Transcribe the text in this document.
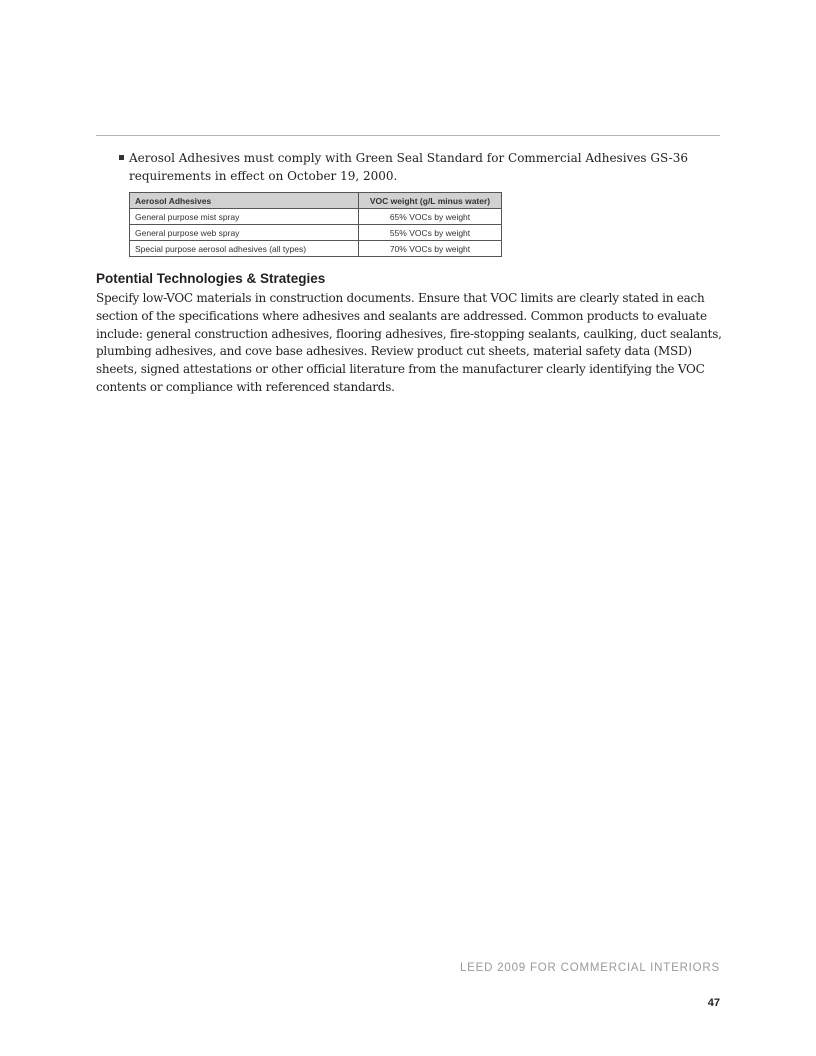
Aerosol Adhesives must comply with Green Seal Standard for Commercial Adhesives GS-36 requirements in effect on October 19, 2000.
Aerosol Adhesives	VOC weight (g/L minus water)
General purpose mist spray	65% VOCs by weight
General purpose web spray	55% VOCs by weight
Special purpose aerosol adhesives (all types)	70% VOCs by weight
Potential Technologies & Strategies

Specify low-VOC materials in construction documents. Ensure that VOC limits are clearly stated in each section of the specifications where adhesives and sealants are addressed. Common products to evaluate include: general construction adhesives, flooring adhesives, fire-stopping sealants, caulking, duct sealants, plumbing adhesives, and cove base adhesives. Review product cut sheets, material safety data (MSD) sheets, signed attestations or other official literature from the manufacturer clearly identifying the VOC contents or compliance with referenced standards.

LEED 2009 FOR COMMERCIAL INTERIORS
47
